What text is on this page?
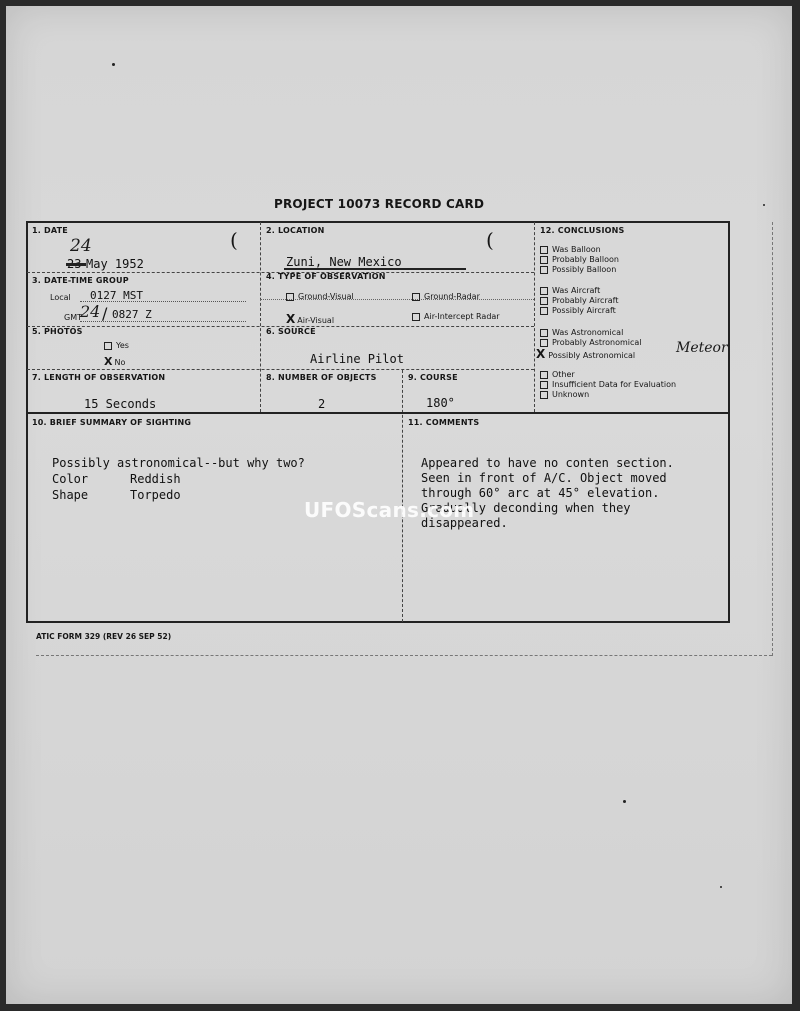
PROJECT 10073 RECORD CARD
1. DATE
24
23 May 1952
(	2. LOCATION
Zuni, New Mexico
(
3. DATE-TIME GROUP
Local 0127 MST
GMT
24 / 0827 Z
4. TYPE OF OBSERVATION
Ground-Visual	Ground-Radar
X Air-Visual	Air-Intercept Radar
5. PHOTOS
Yes
X No
6. SOURCE
Airline Pilot
7. LENGTH OF OBSERVATION
15 Seconds
8. NUMBER OF OBJECTS
2
9. COURSE
180°
10. BRIEF SUMMARY OF SIGHTING
Possibly astronomical--but why two?
Color	Reddish
Shape	Torpedo
11. COMMENTS
Appeared to have no conten section.
Seen in front of A/C. Object moved
through 60° arc at 45° elevation.
Gradually deconding when they
disappeared.
12. CONCLUSIONS
Was Balloon
Probably Balloon
Possibly Balloon
Was Aircraft
Probably Aircraft
Possibly Aircraft
Was Astronomical
Probably Astronomical
X Possibly Astronomical	Meteor
Other
Insufficient Data for Evaluation
Unknown
UFOScans.com
ATIC FORM 329 (REV 26 SEP 52)
